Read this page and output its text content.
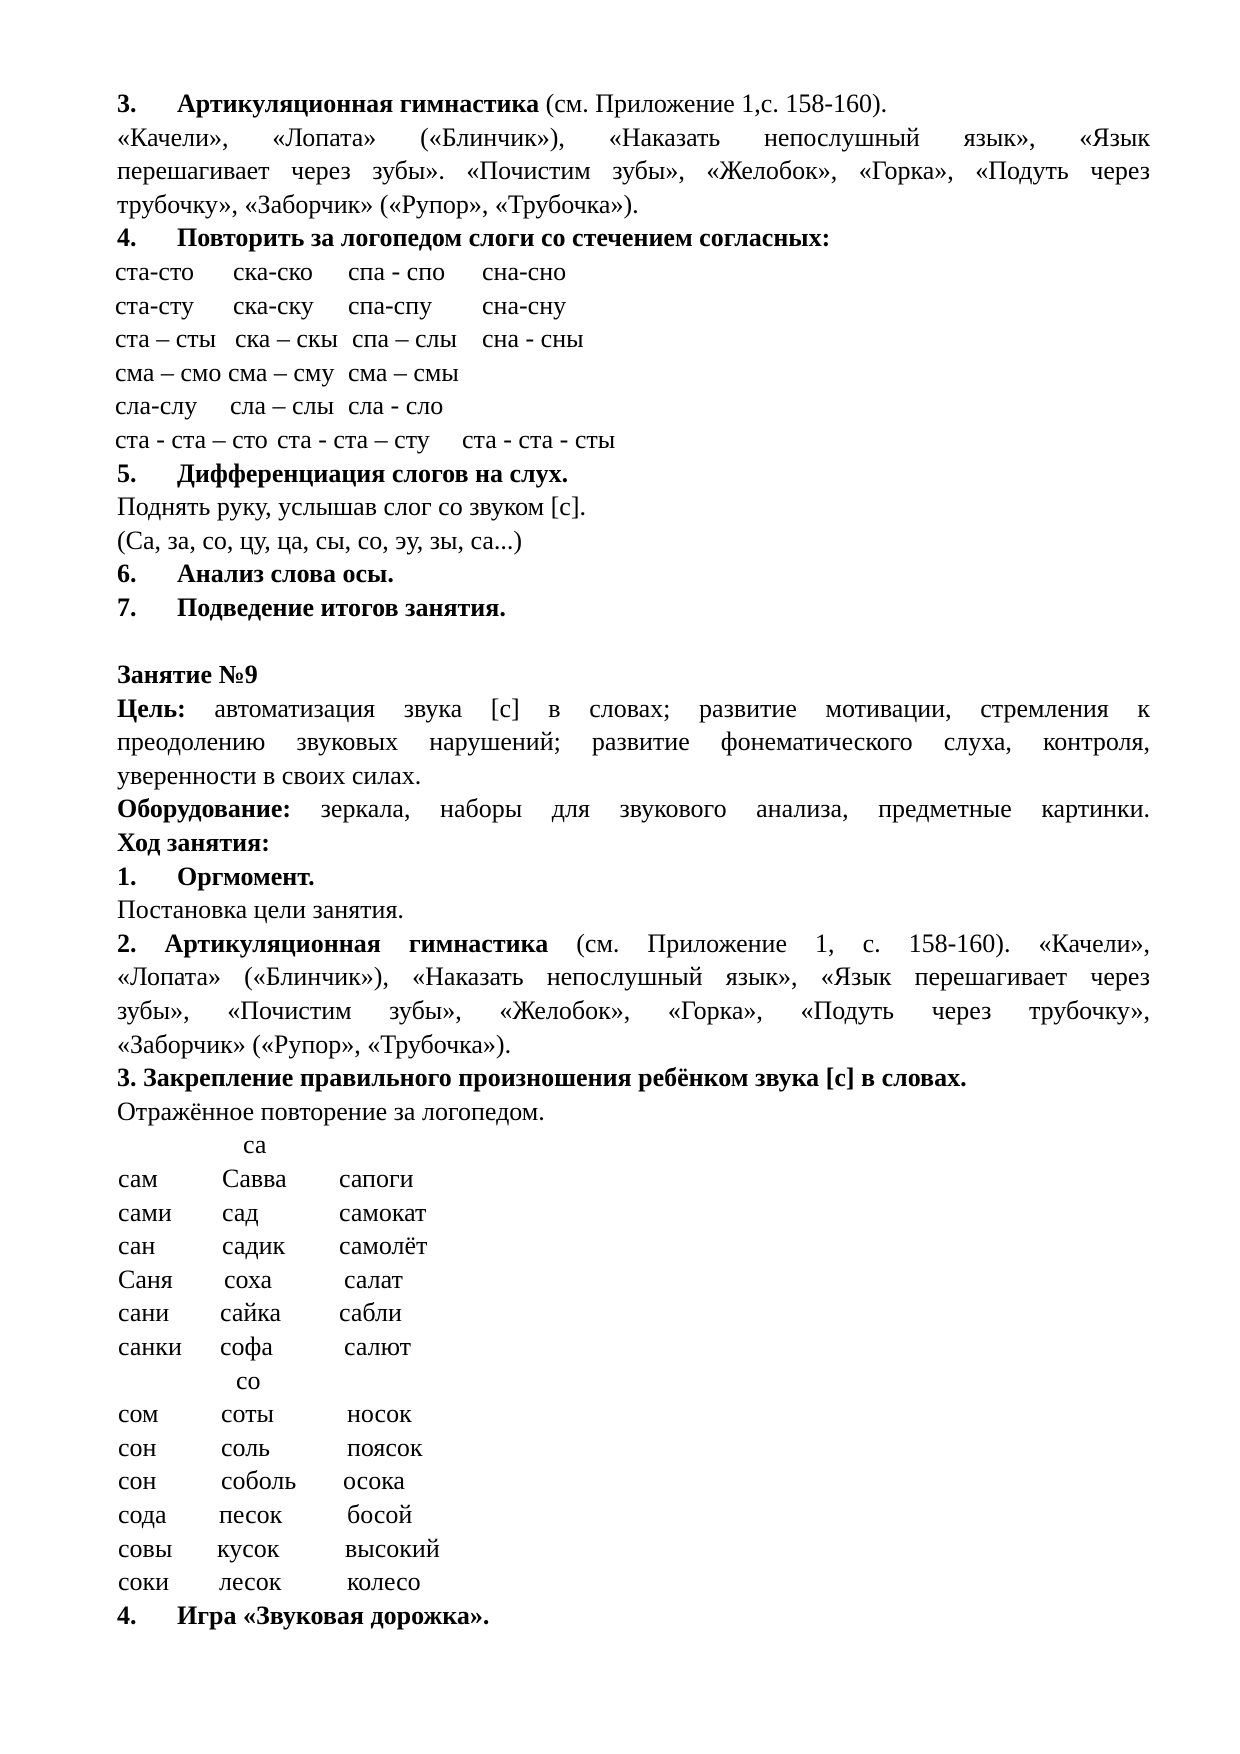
3. Артикуляционная гимнастика (см. Приложение 1,с. 158-160).
«Качели», «Лопата» («Блинчик»), «Наказать непослушный язык», «Язык
перешагивает через зубы». «Почистим зубы», «Желобок», «Горка», «Подуть через
трубочку», «Заборчик» («Рупор», «Трубочка»).
4. Повторить за логопедом слоги со стечением согласных:
ста-сто ска-ско спа - спо сна-сно
ста-сту ска-ску спа-спу сна-сну
ста – сты ска – скы спа – слы сна - сны
сма – смо сма – сму сма – смы
сла-слу сла – слы сла - сло
ста - ста – сто ста - ста – сту ста - ста - сты
5. Дифференциация слогов на слух.
Поднять руку, услышав слог со звуком [с].
(Са, за, со, цу, ца, сы, со, эу, зы, са...)
6. Анализ слова осы.
7. Подведение итогов занятия.
Занятие №9
Цель: автоматизация звука [с] в словах; развитие мотивации, стремления к
преодолению звуковых нарушений; развитие фонематического слуха, контроля,
уверенности в своих силах.
Оборудование: зеркала, наборы для звукового анализа, предметные картинки.
Ход занятия:
1. Оргмомент.
Постановка цели занятия.
2. Артикуляционная гимнастика (см. Приложение 1, с. 158-160). «Качели»,
«Лопата» («Блинчик»), «Наказать непослушный язык», «Язык перешагивает через
зубы», «Почистим зубы», «Желобок», «Горка», «Подуть через трубочку»,
«Заборчик» («Рупор», «Трубочка»).
3. Закрепление правильного произношения ребёнком звука [с] в словах.
Отражённое повторение за логопедом.
са
сам Савва сапоги
сами сад	самокат
сан	садик самолёт
Саня соха	салат
сани сайка сабли
санки софа	салют
со
сом соты	носок
сон соль	поясок
сон соболь осока
сода песок босой
совы кусок	высокий
соки лесок	колесо
4. Игра «Звуковая дорожка».
